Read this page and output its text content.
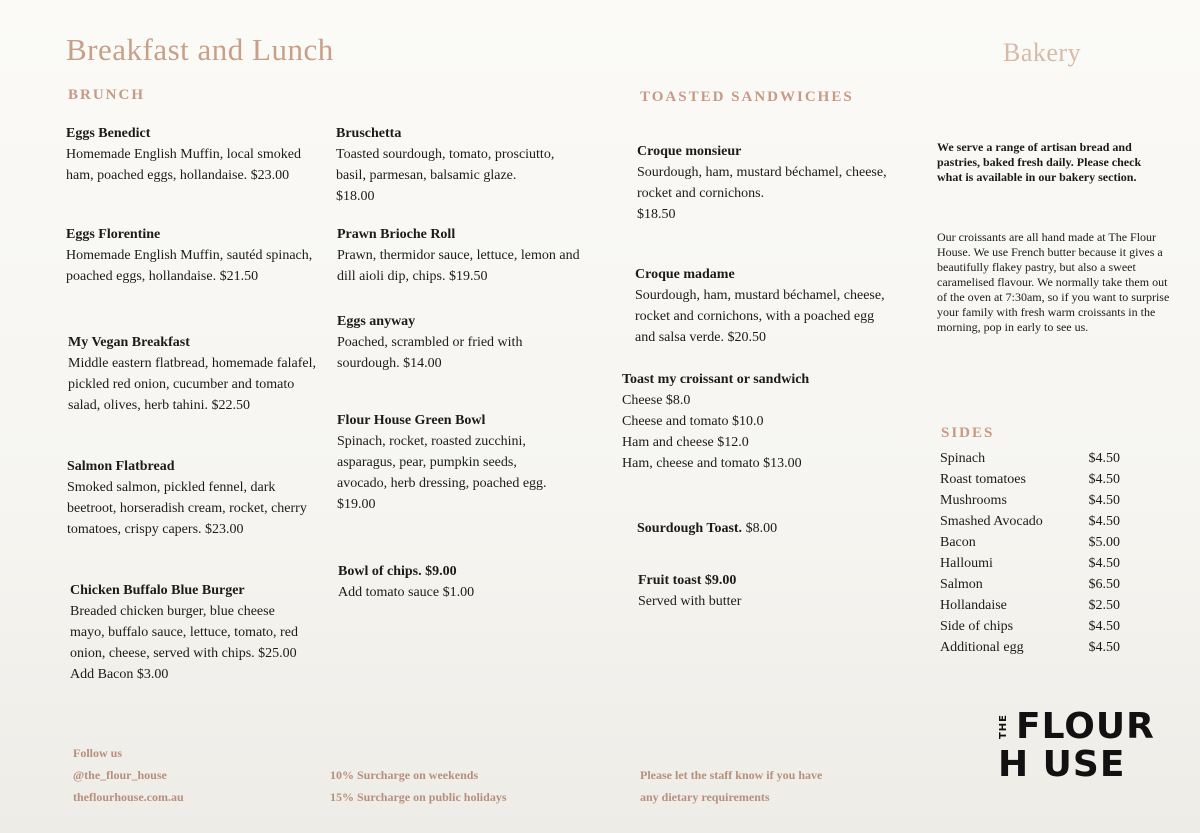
Breakfast and Lunch	Bakery
BRUNCH	TOASTED SANDWICHES
Eggs Benedict
Homemade English Muffin, local smoked ham, poached eggs, hollandaise. $23.00
Eggs Florentine
Homemade English Muffin, sautéd spinach, poached eggs, hollandaise. $21.50
My Vegan Breakfast
Middle eastern flatbread, homemade falafel, pickled red onion, cucumber and tomato salad, olives, herb tahini. $22.50
Salmon Flatbread
Smoked salmon, pickled fennel, dark beetroot, horseradish cream, rocket, cherry tomatoes, crispy capers. $23.00
Chicken Buffalo Blue Burger
Breaded chicken burger, blue cheese mayo, buffalo sauce, lettuce, tomato, red onion, cheese, served with chips. $25.00
Add Bacon $3.00
Bruschetta
Toasted sourdough, tomato, prosciutto, basil, parmesan, balsamic glaze. $18.00
Prawn Brioche Roll
Prawn, thermidor sauce, lettuce, lemon and dill aioli dip, chips. $19.50
Eggs anyway
Poached, scrambled or fried with sourdough. $14.00
Flour House Green Bowl
Spinach, rocket, roasted zucchini, asparagus, pear, pumpkin seeds, avocado, herb dressing, poached egg. $19.00
Bowl of chips. $9.00
Add tomato sauce $1.00
Croque monsieur
Sourdough, ham, mustard béchamel, cheese, rocket and cornichons.
$18.50
Croque madame
Sourdough, ham, mustard béchamel, cheese, rocket and cornichons, with a poached egg and salsa verde. $20.50
Toast my croissant or sandwich
Cheese $8.0
Cheese and tomato $10.0
Ham and cheese $12.0
Ham, cheese and tomato $13.00
Sourdough Toast. $8.00
Fruit toast $9.00
Served with butter
We serve a range of artisan bread and pastries, baked fresh daily. Please check what is available in our bakery section.
Our croissants are all hand made at The Flour House. We use French butter because it gives a beautifully flakey pastry, but also a sweet caramelised flavour. We normally take them out of the oven at 7:30am, so if you want to surprise your family with fresh warm croissants in the morning, pop in early to see us.
SIDES
Spinach	$4.50
Roast tomatoes	$4.50
Mushrooms	$4.50
Smashed Avocado	$4.50
Bacon	$5.00
Halloumi	$4.50
Salmon	$6.50
Hollandaise	$2.50
Side of chips	$4.50
Additional egg	$4.50
Follow us
@the_flour_house
theflourhouse.com.au
10% Surcharge on weekends
15% Surcharge on public holidays
Please let the staff know if you have
any dietary requirements
THE FLOUR
H USE
